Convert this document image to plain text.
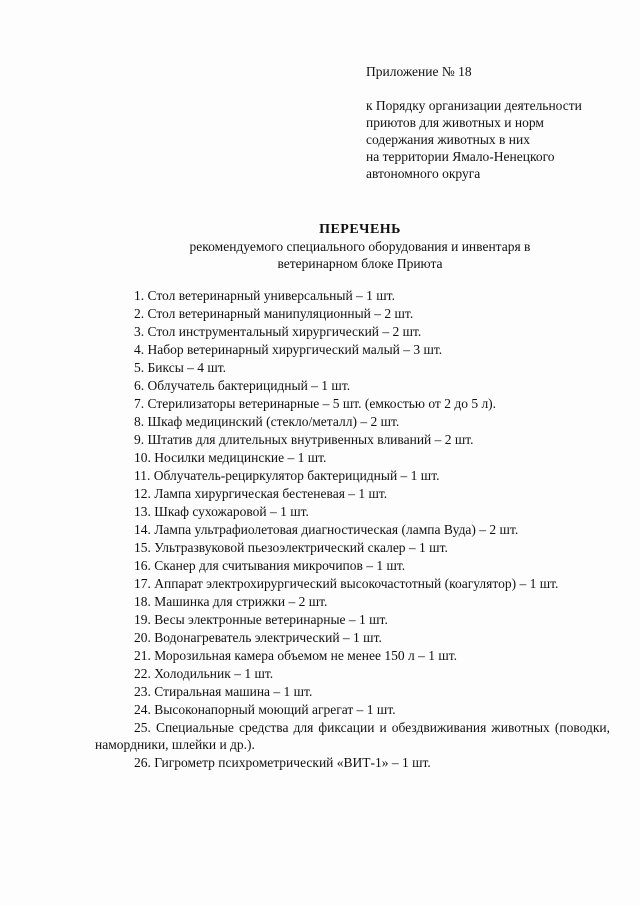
Приложение № 18
к Порядку организации деятельности
приютов для животных и норм
содержания животных в них
на территории Ямало-Ненецкого
автономного округа
ПЕРЕЧЕНЬ
рекомендуемого специального оборудования и инвентаря в
ветеринарном блоке Приюта
1. Стол ветеринарный универсальный – 1 шт.
2. Стол ветеринарный манипуляционный – 2 шт.
3. Стол инструментальный хирургический – 2 шт.
4. Набор ветеринарный хирургический малый – 3 шт.
5. Биксы – 4 шт.
6. Облучатель бактерицидный – 1 шт.
7. Стерилизаторы ветеринарные – 5 шт. (емкостью от 2 до 5 л).
8. Шкаф медицинский (стекло/металл) – 2 шт.
9. Штатив для длительных внутривенных вливаний – 2 шт.
10. Носилки медицинские – 1 шт.
11. Облучатель-рециркулятор бактерицидный – 1 шт.
12. Лампа хирургическая бестеневая – 1 шт.
13. Шкаф сухожаровой – 1 шт.
14. Лампа ультрафиолетовая диагностическая (лампа Вуда) – 2 шт.
15. Ультразвуковой пьезоэлектрический скалер – 1 шт.
16. Сканер для считывания микрочипов – 1 шт.
17. Аппарат электрохирургический высокочастотный (коагулятор) – 1 шт.
18. Машинка для стрижки – 2 шт.
19. Весы электронные ветеринарные – 1 шт.
20. Водонагреватель электрический – 1 шт.
21. Морозильная камера объемом не менее 150 л – 1 шт.
22. Холодильник – 1 шт.
23. Стиральная машина – 1 шт.
24. Высоконапорный моющий агрегат – 1 шт.
25. Специальные средства для фиксации и обездвиживания животных (поводки, намордники, шлейки и др.).
26. Гигрометр психрометрический «ВИТ-1» – 1 шт.
